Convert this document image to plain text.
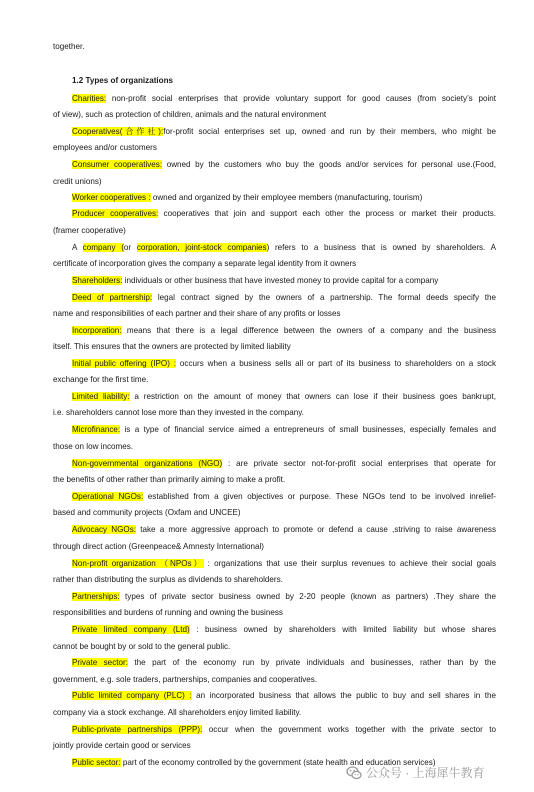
together.
1.2 Types of organizations
Charities: non-profit social enterprises that provide voluntary support for good causes (from society’s point
of view), such as protection of children, animals and the natural environment
Cooperatives(合作社):for-profit social enterprises set up, owned and run by their members, who might be
employees and/or customers
Consumer cooperatives: owned by the customers who buy the goods and/or services for personal use.(Food,
credit unions)
Worker cooperatives : owned and organized by their employee members (manufacturing, tourism)
Producer cooperatives: cooperatives that join and support each other the process or market their products.
(framer cooperative)
A company (or corporation, joint-stock companies) refers to a business that is owned by shareholders. A
certificate of incorporation gives the company a separate legal identity from it owners
Shareholders: individuals or other business that have invested money to provide capital for a company
Deed of partnership: legal contract signed by the owners of a partnership. The formal deeds specify the
name and responsibilities of each partner and their share of any profits or losses
Incorporation: means that there is a legal difference between the owners of a company and the business
itself. This ensures that the owners are protected by limited liability
Initial public offering (IPO) : occurs when a business sells all or part of its business to shareholders on a stock
exchange for the first time.
Limited liability: a restriction on the amount of money that owners can lose if their business goes bankrupt,
i.e. shareholders cannot lose more than they invested in the company.
Microfinance: is a type of financial service aimed a entrepreneurs of small businesses, especially females and
those on low incomes.
Non-governmental organizations (NGO) : are private sector not-for-profit social enterprises that operate for
the benefits of other rather than primarily aiming to make a profit.
Operational NGOs: established from a given objectives or purpose. These NGOs tend to be involved inrelief-
based and community projects (Oxfam and UNCEE)
Advocacy NGOs: take a more aggressive approach to promote or defend a cause ,striving to raise awareness
through direct action (Greenpeace& Amnesty International)
Non-profit organization （NPOs） : organizations that use their surplus revenues to achieve their social goals
rather than distributing the surplus as dividends to shareholders.
Partnerships: types of private sector business owned by 2-20 people (known as partners) .They share the
responsibilities and burdens of running and owning the business
Private limited company (Ltd) : business owned by shareholders with limited liability but whose shares
cannot be bought by or sold to the general public.
Private sector: the part of the economy run by private individuals and businesses, rather than by the
government, e.g. sole traders, partnerships, companies and cooperatives.
Public limited company (PLC) : an incorporated business that allows the public to buy and sell shares in the
company via a stock exchange. All shareholders enjoy limited liability.
Public-private partnerships (PPP): occur when the government works together with the private sector to
jointly provide certain good or services
Public sector: part of the economy controlled by the government (state health and education services)
公众号 · 上海犀牛教育
